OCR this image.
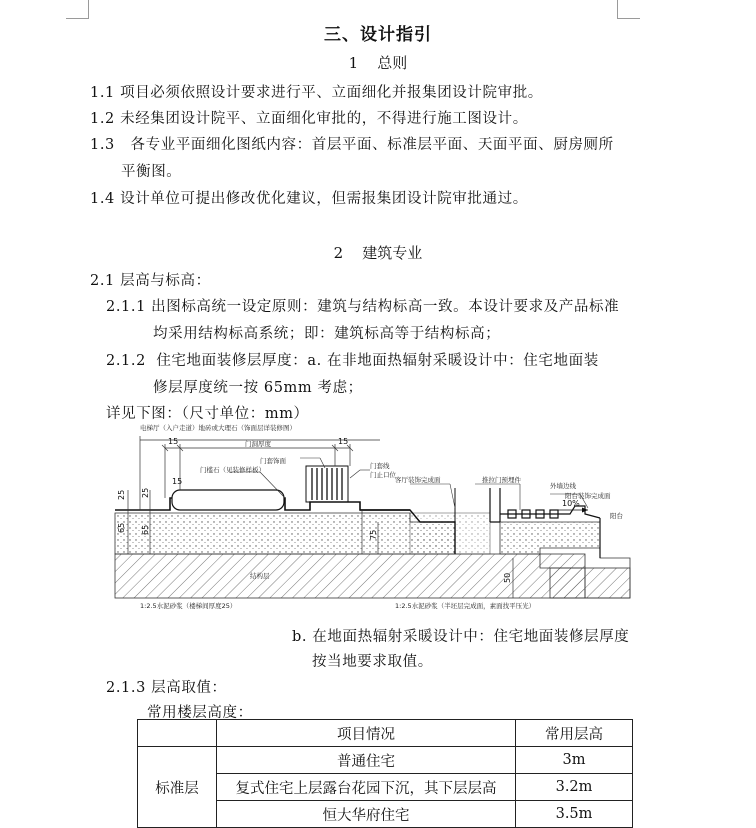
三、设计指引
1 总则
1.1 项目必须依照设计要求进行平、立面细化并报集团设计院审批。
1.2 未经集团设计院平、立面细化审批的，不得进行施工图设计。
1.3 各专业平面细化图纸内容：首层平面、标准层平面、天面平面、厨房厕所
平衡图。
1.4 设计单位可提出修改优化建议，但需报集团设计院审批通过。
2 建筑专业
2.1 层高与标高：
2.1.1 出图标高统一设定原则：建筑与结构标高一致。本设计要求及产品标准
均采用结构标高系统；即：建筑标高等于结构标高；
2.1.2 住宅地面装修层厚度：a. 在非地面热辐射采暖设计中：住宅地面装
修层厚度统一按 65mm 考虑；
详见下图：（尺寸单位：mm）
电梯厅（入户走道）地砖或大理石（饰面层详装修图）
门洞厚度
门套饰面
门槛石（见装修样板）	门套线
门止口位
客厅装饰完成面	推拉门预埋件
外墙边线
阳台装饰完成面
阳台
结构层
1:2.5水泥砂浆（楼梯间厚度25）	1:2.5水泥砂浆（半坯层完成面，素面找平压光）
10%
15	15
15
25
65
25
65	75
50
b. 在地面热辐射采暖设计中：住宅地面装修层厚度
按当地要求取值。
2.1.3 层高取值：
常用楼层高度：
	项目情况	常用层高
标准层	普通住宅	3m
	复式住宅上层露台花园下沉，其下层层高	3.2m
	恒大华府住宅	3.5m
